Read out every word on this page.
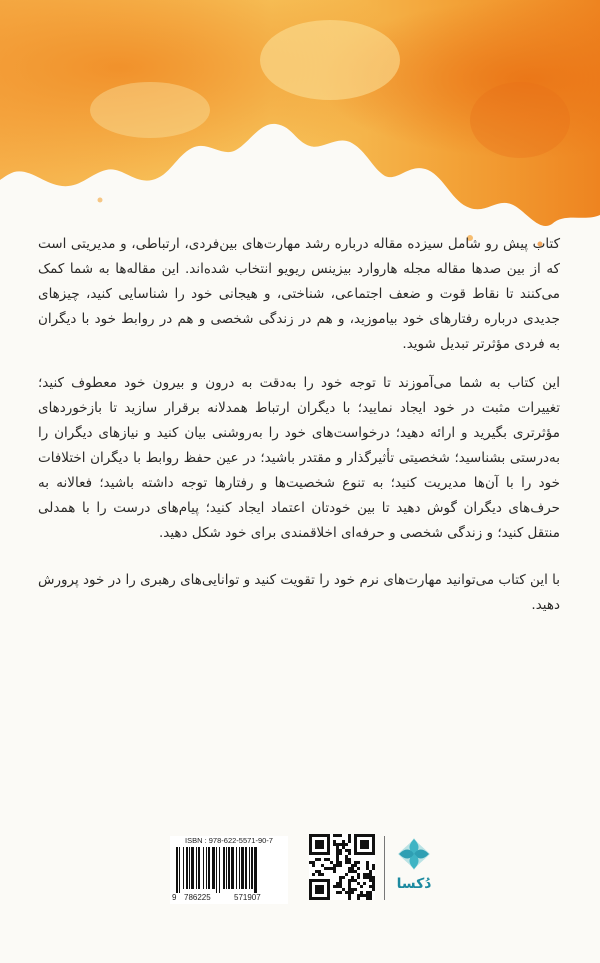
کتاب پیش رو شامل سیزده مقاله درباره رشد مهارت‌های بین‌فردی، ارتباطی، و مدیریتی است که از بین صدها مقاله مجله هاروارد بیزینس ریویو انتخاب شده‌اند. این مقاله‌ها به شما کمک می‌کنند تا نقاط قوت و ضعف اجتماعی، شناختی، و هیجانی خود را شناسایی کنید، چیزهای جدیدی درباره رفتارهای خود بیاموزید، و هم در زندگی شخصی و هم در روابط خود با دیگران به فردی مؤثرتر تبدیل شوید.

این کتاب به شما می‌آموزند تا توجه خود را به‌دقت به درون و بیرون خود معطوف کنید؛ تغییرات مثبت در خود ایجاد نمایید؛ با دیگران ارتباط همدلانه برقرار سازید تا بازخوردهای مؤثرتری بگیرید و ارائه دهید؛ درخواست‌های خود را به‌روشنی بیان کنید و نیازهای دیگران را به‌درستی بشناسید؛ شخصیتی تأثیرگذار و مقتدر باشید؛ در عین حفظ روابط با دیگران اختلافات خود را با آن‌ها مدیریت کنید؛ به تنوع شخصیت‌ها و رفتارها توجه داشته باشید؛ فعالانه به حرف‌های دیگران گوش دهید تا بین خودتان اعتماد ایجاد کنید؛ پیام‌های درست را با همدلی منتقل کنید؛ و زندگی شخصی و حرفه‌ای اخلاقمندی برای خود شکل دهید.

با این کتاب می‌توانید مهارت‌های نرم خود را تقویت کنید و توانایی‌های رهبری را در خود پرورش دهید.

ISBN : 978-622-5571-90-7
9 786225	571907
دُکسا
